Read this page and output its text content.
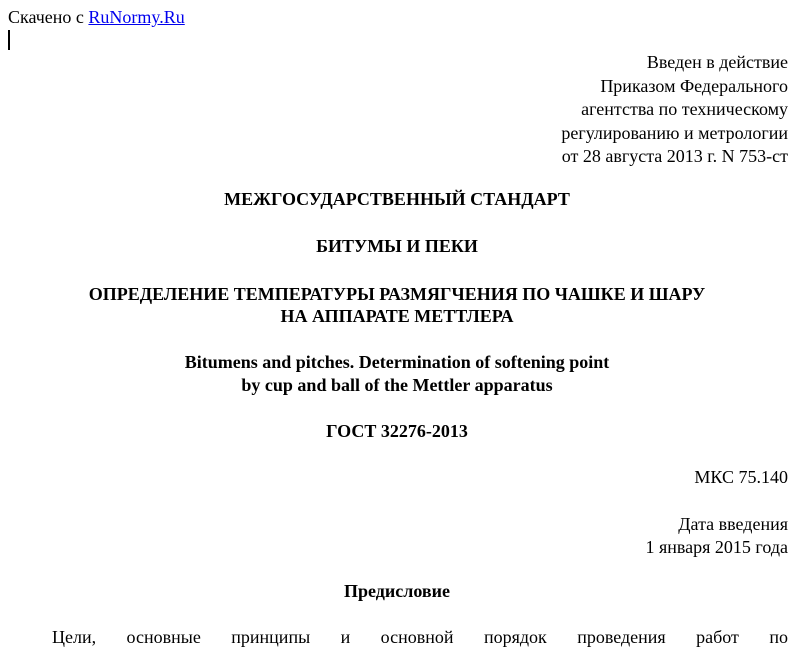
Скачено с RuNormy.Ru
Введен в действие
Приказом Федерального
агентства по техническому
регулированию и метрологии
от 28 августа 2013 г. N 753-ст
МЕЖГОСУДАРСТВЕННЫЙ СТАНДАРТ
БИТУМЫ И ПЕКИ
ОПРЕДЕЛЕНИЕ ТЕМПЕРАТУРЫ РАЗМЯГЧЕНИЯ ПО ЧАШКЕ И ШАРУ
НА АППАРАТЕ МЕТТЛЕРА
Bitumens and pitches. Determination of softening point
by cup and ball of the Mettler apparatus
ГОСТ 32276-2013
МКС 75.140
Дата введения
1 января 2015 года
Предисловие
Цели, основные принципы и основной порядок проведения работ по
